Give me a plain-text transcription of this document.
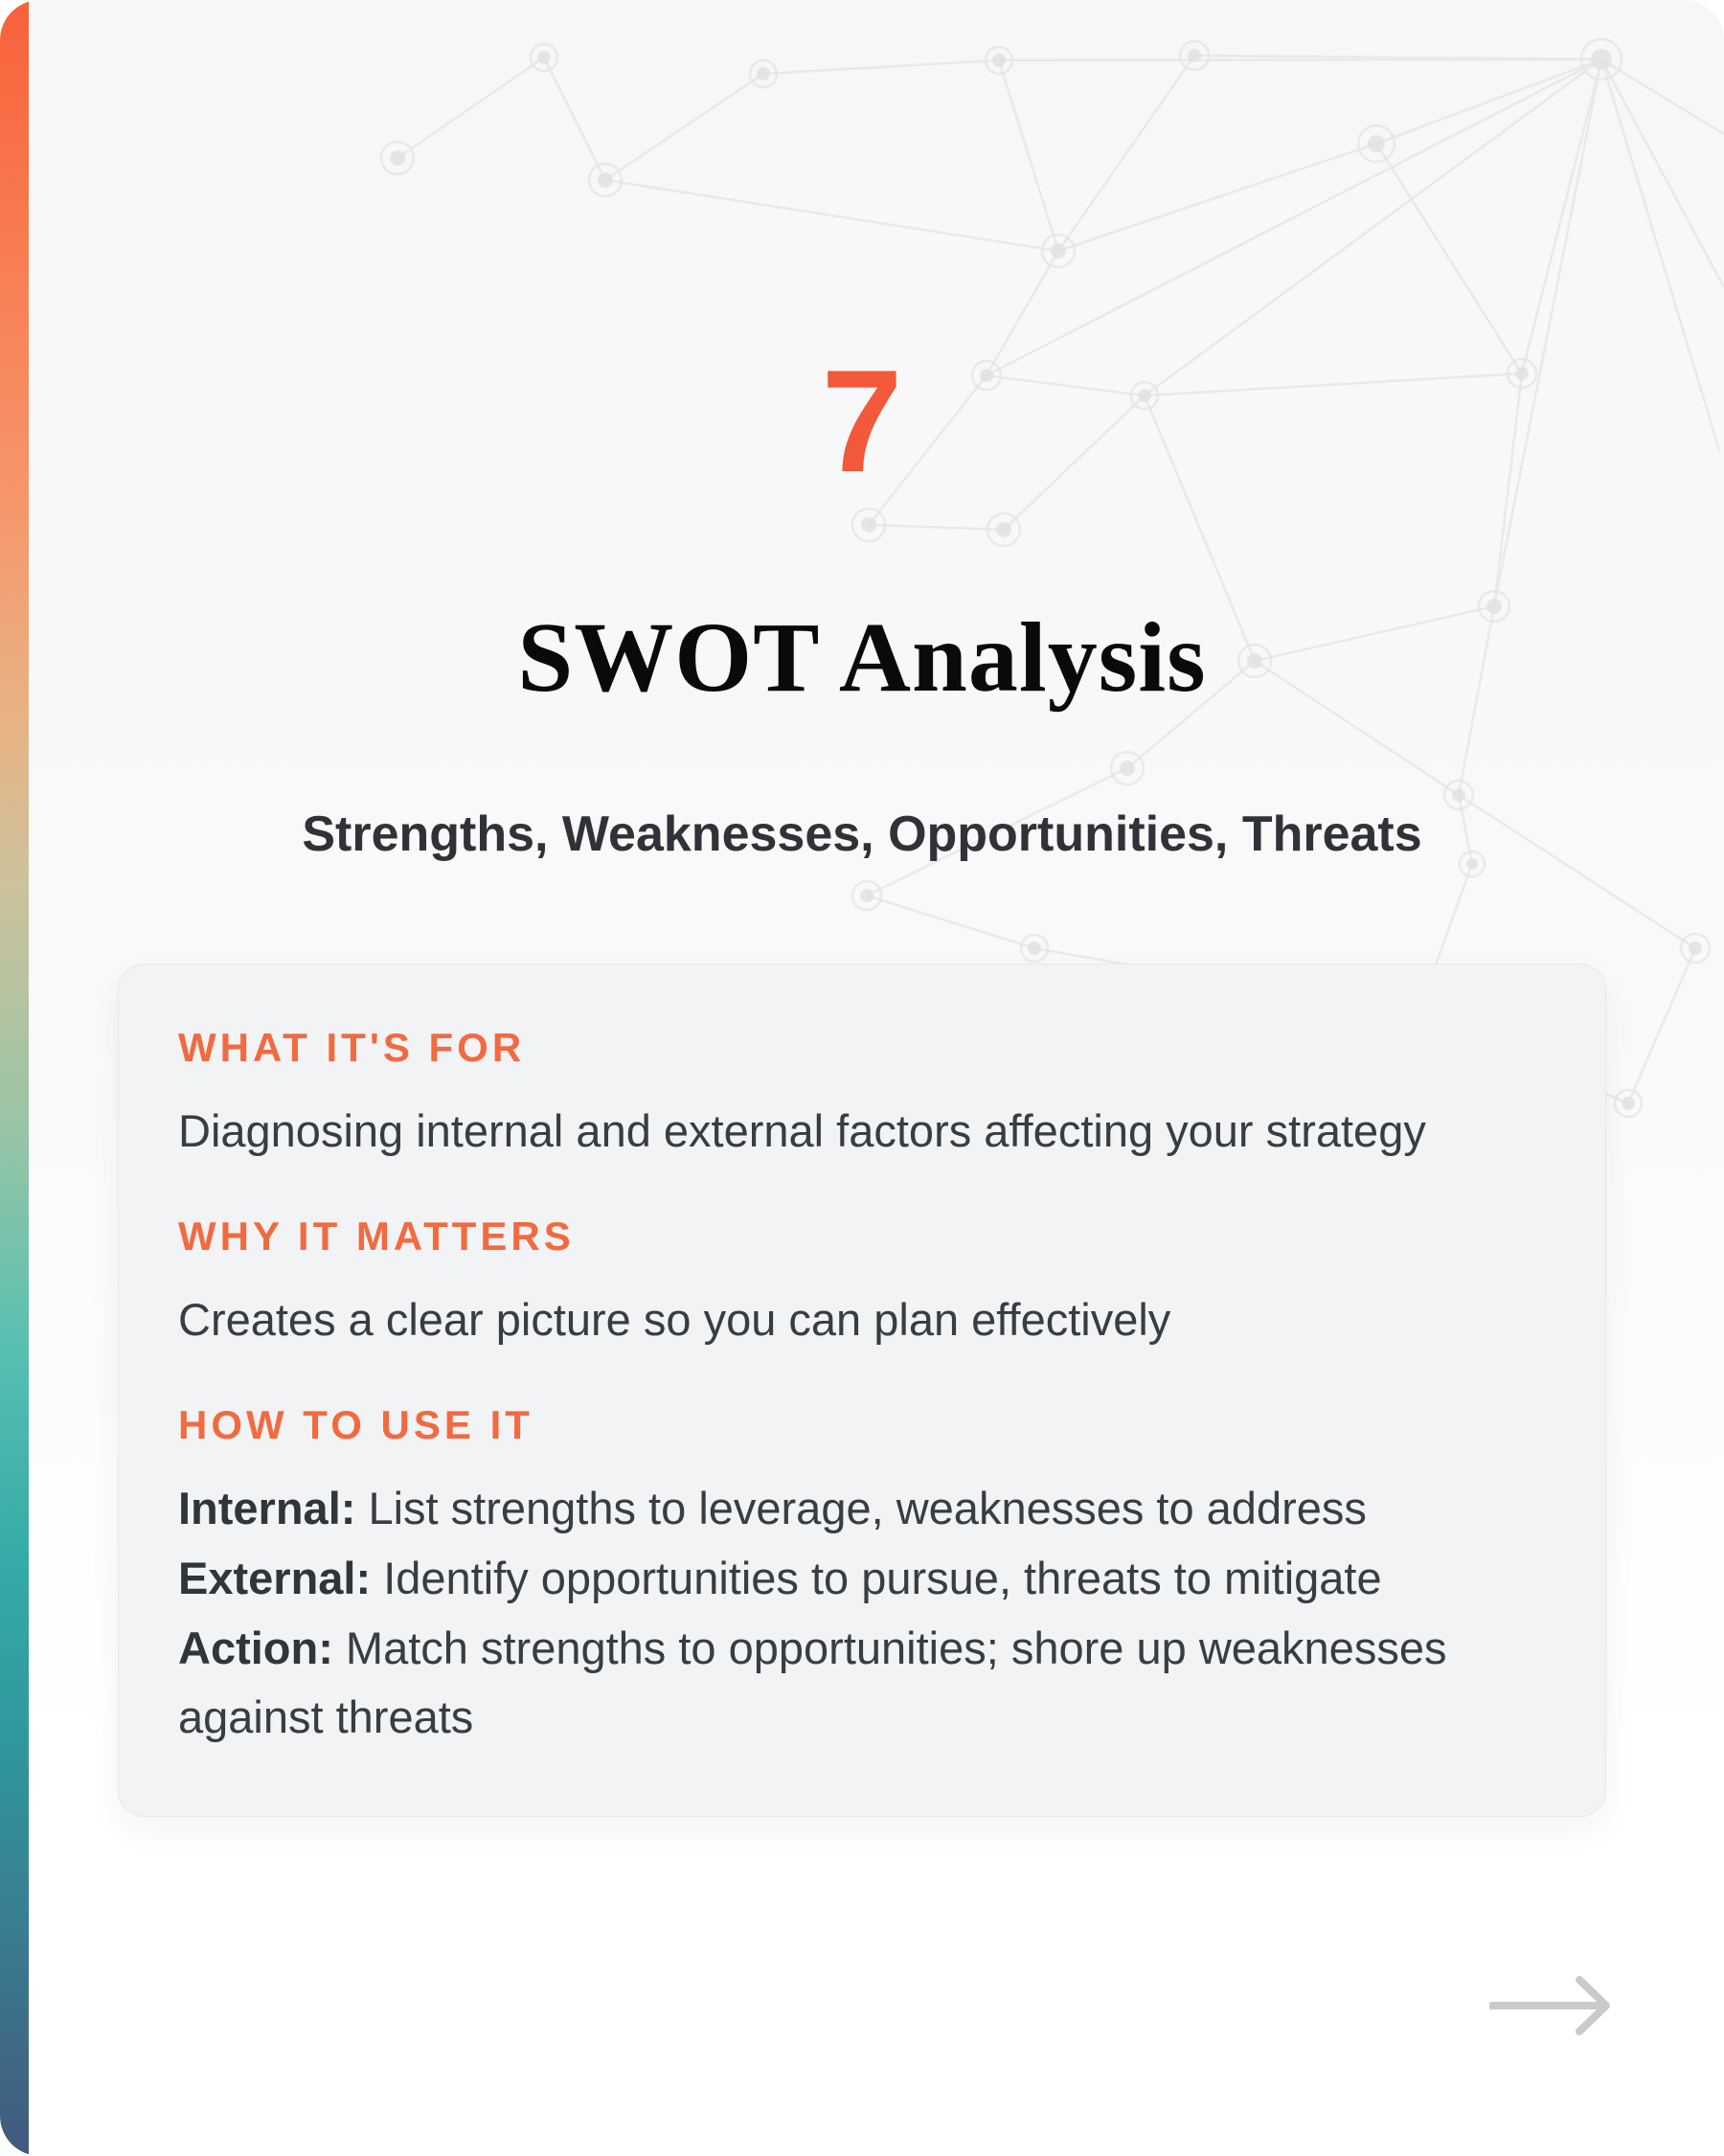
7
SWOT Analysis
Strengths, Weaknesses, Opportunities, Threats
WHAT IT'S FOR

Diagnosing internal and external factors affecting your strategy

WHY IT MATTERS

Creates a clear picture so you can plan effectively

HOW TO USE IT

Internal: List strengths to leverage, weaknesses to address

External: Identify opportunities to pursue, threats to mitigate

Action: Match strengths to opportunities; shore up weaknesses against threats
